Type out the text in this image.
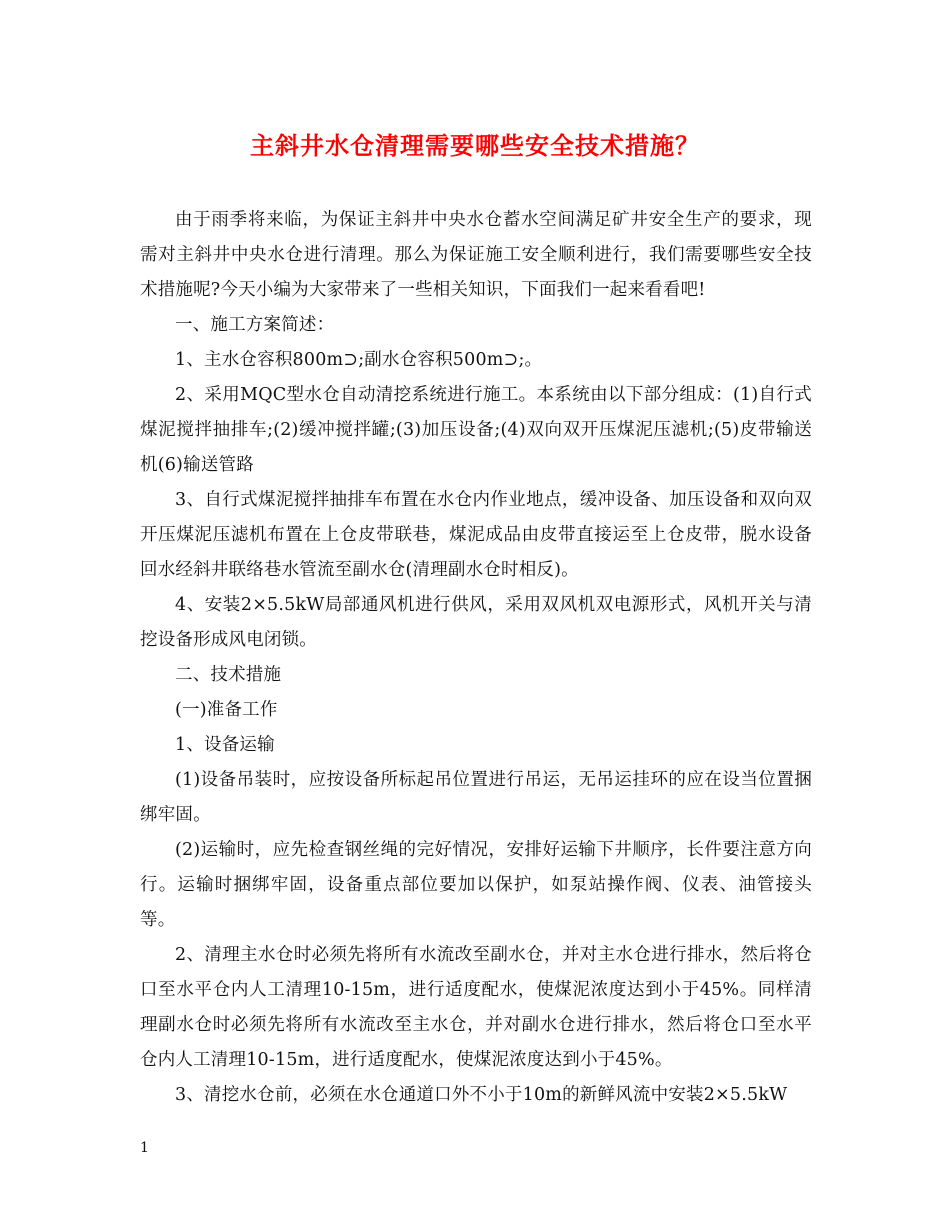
主斜井水仓清理需要哪些安全技术措施？

由于雨季将来临，为保证主斜井中央水仓蓄水空间满足矿井安全生产的要求，现需对主斜井中央水仓进行清理。那么为保证施工安全顺利进行，我们需要哪些安全技术措施呢?今天小编为大家带来了一些相关知识，下面我们一起来看看吧!

一、施工方案简述：

1、主水仓容积800m⊃;副水仓容积500m⊃;。

2、采用MQC型水仓自动清挖系统进行施工。本系统由以下部分组成：(1)自行式煤泥搅拌抽排车;(2)缓冲搅拌罐;(3)加压设备;(4)双向双开压煤泥压滤机;(5)皮带输送机(6)输送管路

3、自行式煤泥搅拌抽排车布置在水仓内作业地点，缓冲设备、加压设备和双向双开压煤泥压滤机布置在上仓皮带联巷，煤泥成品由皮带直接运至上仓皮带，脱水设备回水经斜井联络巷水管流至副水仓(清理副水仓时相反)。

4、安装2×5.5kW局部通风机进行供风，采用双风机双电源形式，风机开关与清挖设备形成风电闭锁。

二、技术措施

(一)准备工作

1、设备运输

(1)设备吊装时，应按设备所标起吊位置进行吊运，无吊运挂环的应在设当位置捆绑牢固。

(2)运输时，应先检查钢丝绳的完好情况，安排好运输下井顺序，长件要注意方向行。运输时捆绑牢固，设备重点部位要加以保护，如泵站操作阀、仪表、油管接头等。

2、清理主水仓时必须先将所有水流改至副水仓，并对主水仓进行排水，然后将仓口至水平仓内人工清理10-15m，进行适度配水，使煤泥浓度达到小于45%。同样清理副水仓时必须先将所有水流改至主水仓，并对副水仓进行排水，然后将仓口至水平仓内人工清理10-15m，进行适度配水，使煤泥浓度达到小于45%。

3、清挖水仓前，必须在水仓通道口外不小于10m的新鲜风流中安装2×5.5kW

1
